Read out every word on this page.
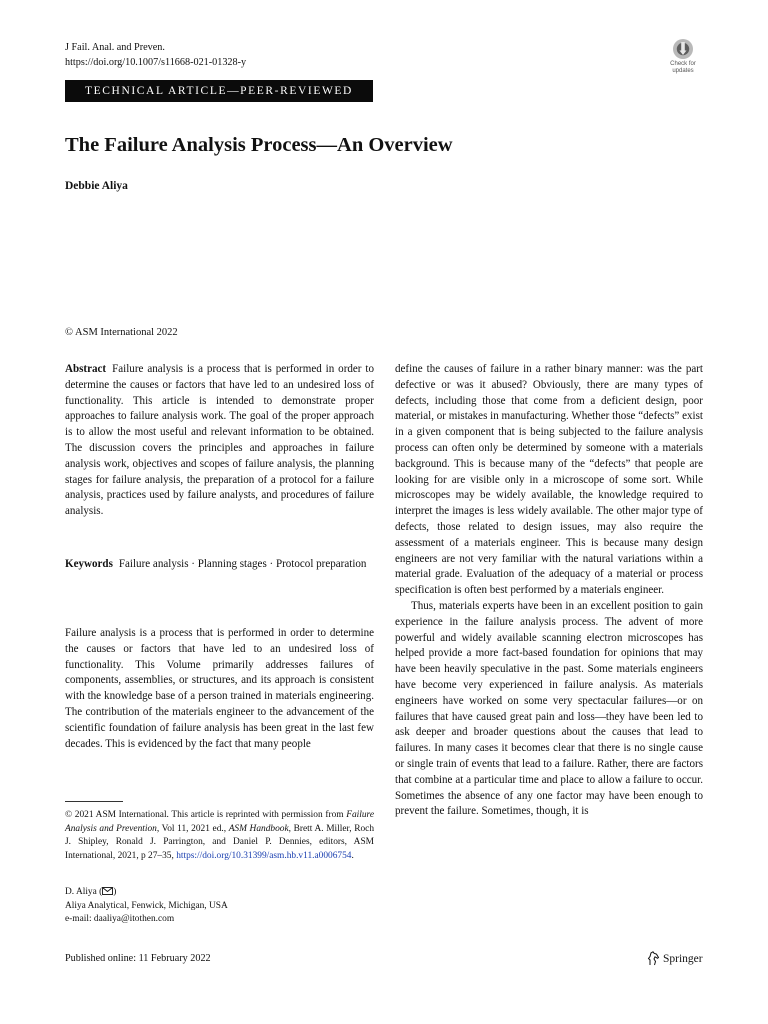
J Fail. Anal. and Preven.
https://doi.org/10.1007/s11668-021-01328-y	Check for
updates
TECHNICAL ARTICLE—PEER-REVIEWED
The Failure Analysis Process—An Overview
Debbie Aliya
© ASM International 2022

Abstract Failure analysis is a process that is performed in order to determine the causes or factors that have led to an undesired loss of functionality. This article is intended to demonstrate proper approaches to failure analysis work. The goal of the proper approach is to allow the most useful and relevant information to be obtained. The discussion covers the principles and approaches in failure analysis work, objectives and scopes of failure analysis, the planning stages for failure analysis, the preparation of a protocol for a failure analysis, practices used by failure analysts, and procedures of failure analysis.

Keywords Failure analysis · Planning stages · Protocol preparation

Failure analysis is a process that is performed in order to determine the causes or factors that have led to an undesired loss of functionality. This Volume primarily addresses failures of components, assemblies, or structures, and its approach is consistent with the knowledge base of a person trained in materials engineering. The contribution of the materials engineer to the advancement of the scientific foundation of failure analysis has been great in the last few decades. This is evidenced by the fact that many people

define the causes of failure in a rather binary manner: was the part defective or was it abused? Obviously, there are many types of defects, including those that come from a deficient design, poor material, or mistakes in manufacturing. Whether those “defects” exist in a given component that is being subjected to the failure analysis process can often only be determined by someone with a materials background. This is because many of the “defects” that people are looking for are visible only in a microscope of some sort. While microscopes may be widely available, the knowledge required to interpret the images is less widely available. The other major type of defects, those related to design issues, may also require the assessment of a materials engineer. This is because many design engineers are not very familiar with the natural variations within a material grade. Evaluation of the adequacy of a material or process specification is often best performed by a materials engineer.

Thus, materials experts have been in an excellent position to gain experience in the failure analysis process. The advent of more powerful and widely available scanning electron microscopes has helped provide a more fact-based foundation for opinions that may have been heavily speculative in the past. Some materials engineers have become very experienced in failure analysis. As materials engineers have worked on some very spectacular failures—or on failures that have caused great pain and loss—they have been led to ask deeper and broader questions about the causes that lead to failures. In many cases it becomes clear that there is no single cause or single train of events that lead to a failure. Rather, there are factors that combine at a particular time and place to allow a failure to occur. Sometimes the absence of any one factor may have been enough to prevent the failure. Sometimes, though, it is

© 2021 ASM International. This article is reprinted with permission from Failure Analysis and Prevention, Vol 11, 2021 ed., ASM Handbook, Brett A. Miller, Roch J. Shipley, Ronald J. Parrington, and Daniel P. Dennies, editors, ASM International, 2021, p 27–35, https://doi.org/10.31399/asm.hb.v11.a0006754.

D. Aliya ( )
Aliya Analytical, Fenwick, Michigan, USA
e-mail: daaliya@itothen.com
Published online: 11 February 2022	Springer
